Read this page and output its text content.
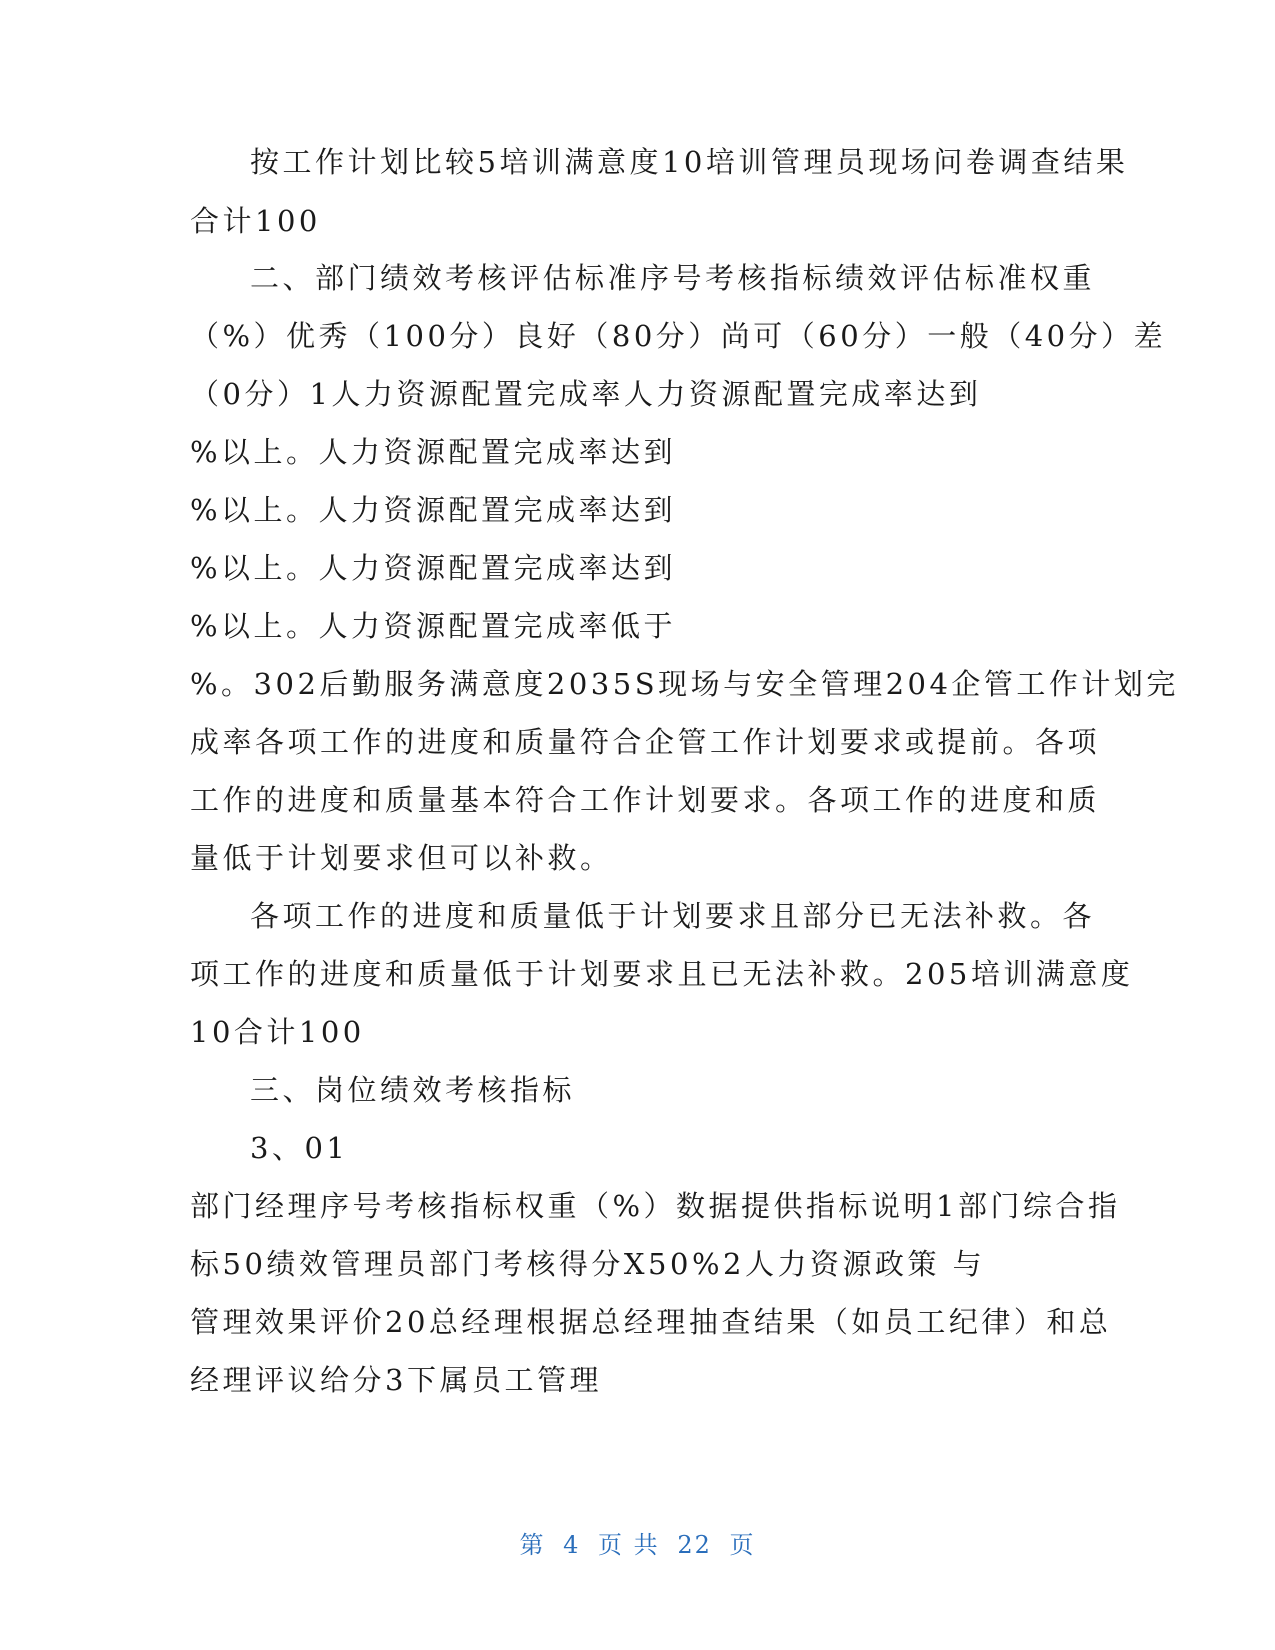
按工作计划比较5培训满意度10培训管理员现场问卷调查结果
合计100
二、部门绩效考核评估标准序号考核指标绩效评估标准权重
（%）优秀（100分）良好（80分）尚可（60分）一般（40分）差
（0分）1人力资源配置完成率人力资源配置完成率达到
%以上。人力资源配置完成率达到
%以上。人力资源配置完成率达到
%以上。人力资源配置完成率达到
%以上。人力资源配置完成率低于
%。302后勤服务满意度2035S现场与安全管理204企管工作计划完
成率各项工作的进度和质量符合企管工作计划要求或提前。各项
工作的进度和质量基本符合工作计划要求。各项工作的进度和质
量低于计划要求但可以补救。
各项工作的进度和质量低于计划要求且部分已无法补救。各
项工作的进度和质量低于计划要求且已无法补救。205培训满意度
10合计100
三、岗位绩效考核指标
3、01
部门经理序号考核指标权重（%）数据提供指标说明1部门综合指
标50绩效管理员部门考核得分X50%2人力资源政策 与
管理效果评价20总经理根据总经理抽查结果（如员工纪律）和总
经理评议给分3下属员工管理
第 4 页 共 22 页
